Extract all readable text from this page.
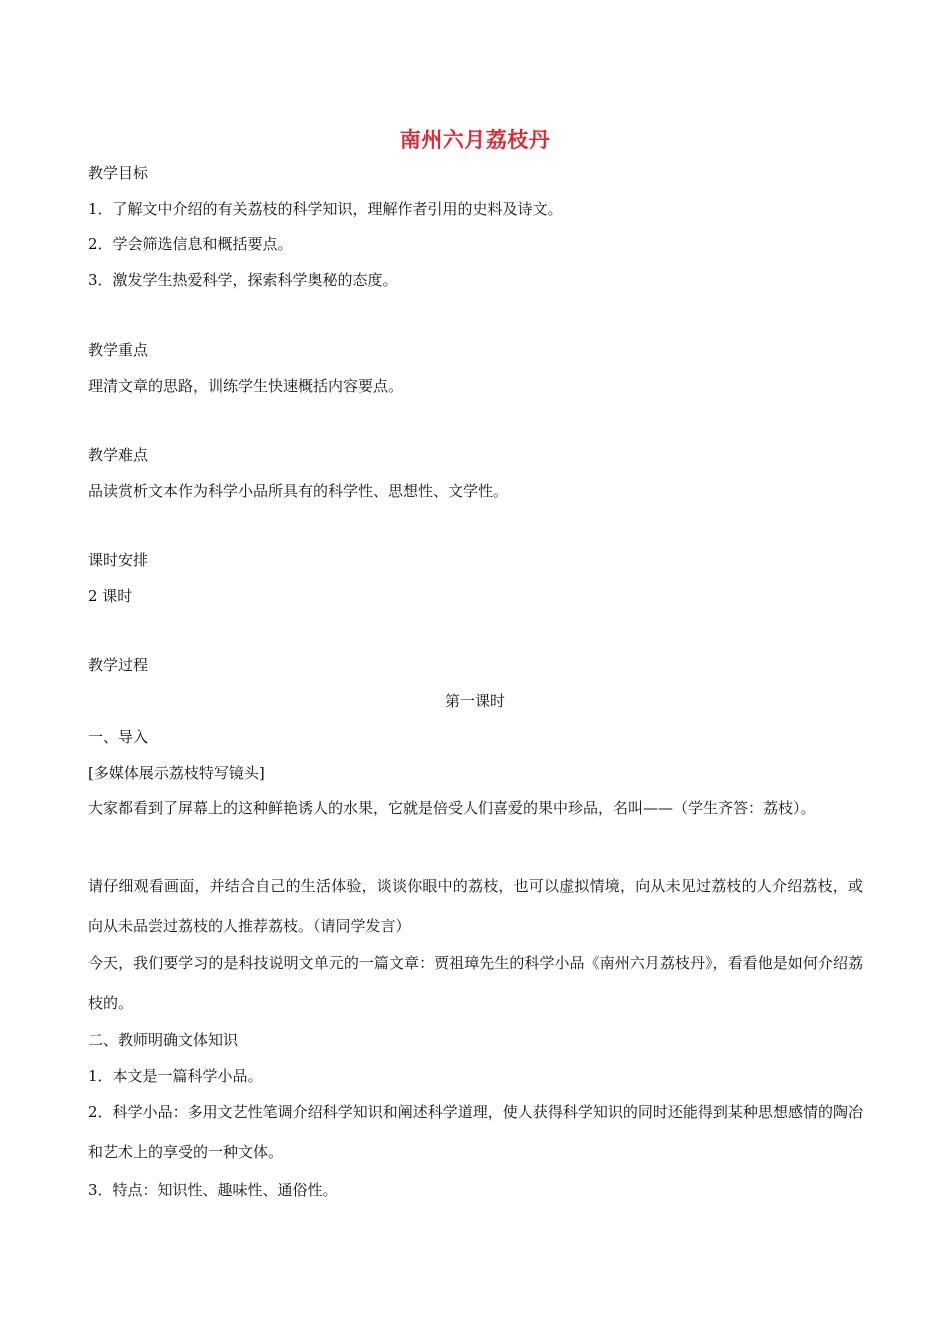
南州六月荔枝丹
教学目标
1．了解文中介绍的有关荔枝的科学知识，理解作者引用的史料及诗文。
2．学会筛选信息和概括要点。
3．激发学生热爱科学，探索科学奥秘的态度。
教学重点
理清文章的思路，训练学生快速概括内容要点。
教学难点
品读赏析文本作为科学小品所具有的科学性、思想性、文学性。
课时安排
2 课时
教学过程
第一课时
一、导入
[多媒体展示荔枝特写镜头]
大家都看到了屏幕上的这种鲜艳诱人的水果，它就是倍受人们喜爱的果中珍品，名叫——（学生齐答：荔枝）。
请仔细观看画面，并结合自己的生活体验，谈谈你眼中的荔枝，也可以虚拟情境，向从未见过荔枝的人介绍荔枝，或向从未品尝过荔枝的人推荐荔枝。（请同学发言）
今天，我们要学习的是科技说明文单元的一篇文章：贾祖璋先生的科学小品《南州六月荔枝丹》，看看他是如何介绍荔枝的。
二、教师明确文体知识
1．本文是一篇科学小品。
2．科学小品：多用文艺性笔调介绍科学知识和阐述科学道理，使人获得科学知识的同时还能得到某种思想感情的陶冶和艺术上的享受的一种文体。
3．特点：知识性、趣味性、通俗性。
